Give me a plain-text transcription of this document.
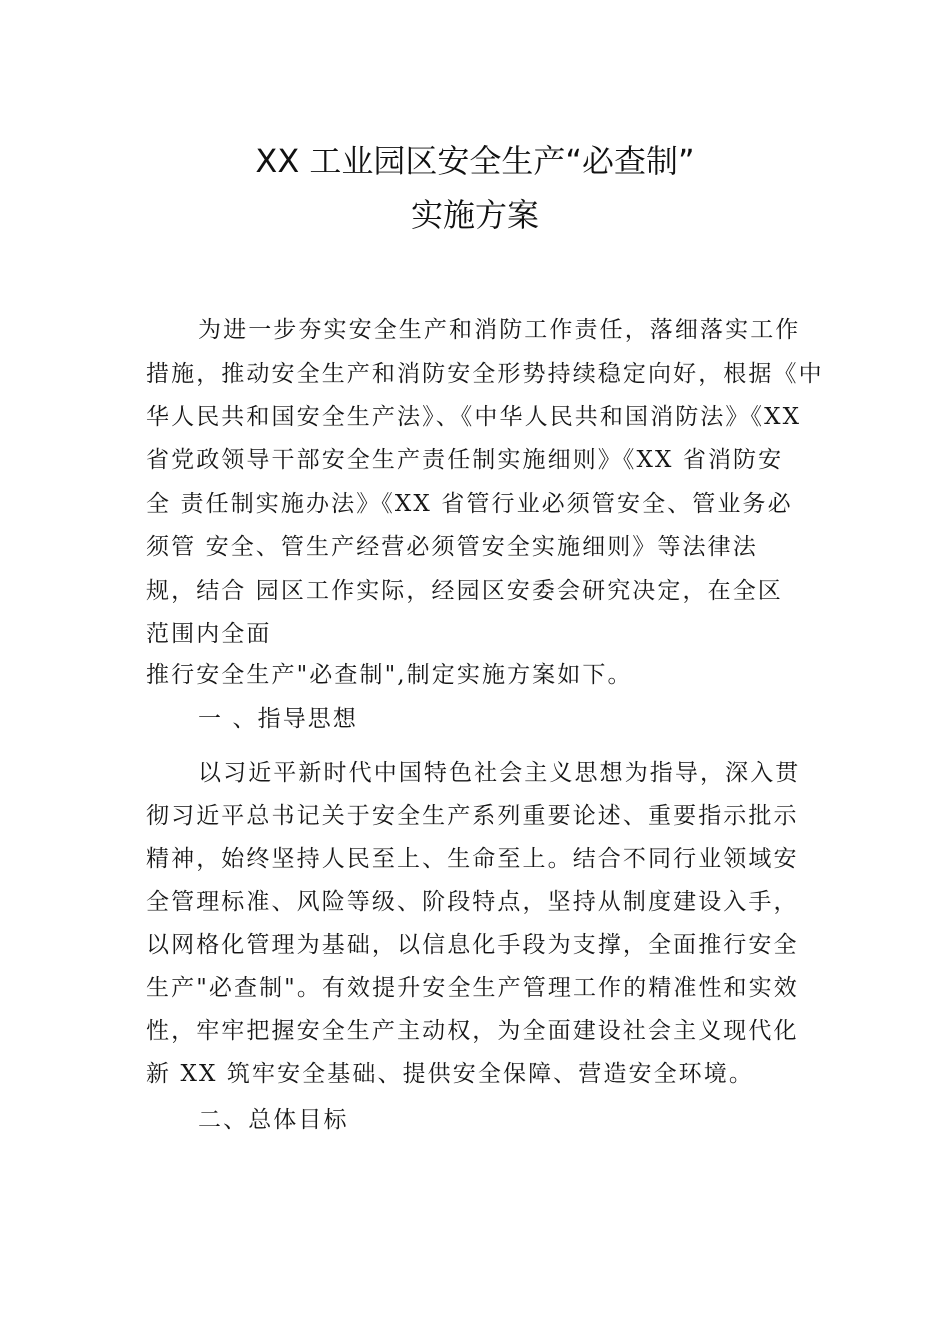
XX 工业园区安全生产“必查制”
实施方案
为进一步夯实安全生产和消防工作责任，落细落实工作
措施，推动安全生产和消防安全形势持续稳定向好，根据《中
华人民共和国安全生产法》、《中华人民共和国消防法》《XX
省党政领导干部安全生产责任制实施细则》《XX 省消防安
全 责任制实施办法》《XX 省管行业必须管安全、管业务必
须管 安全、管生产经营必须管安全实施细则》等法律法
规，结合 园区工作实际，经园区安委会研究决定，在全区
范围内全面
推行安全生产"必查制",制定实施方案如下。
一 、指导思想
以习近平新时代中国特色社会主义思想为指导，深入贯
彻习近平总书记关于安全生产系列重要论述、重要指示批示
精神，始终坚持人民至上、生命至上。结合不同行业领域安
全管理标准、风险等级、阶段特点，坚持从制度建设入手，
以网格化管理为基础，以信息化手段为支撑，全面推行安全
生产"必查制"。有效提升安全生产管理工作的精准性和实效
性，牢牢把握安全生产主动权，为全面建设社会主义现代化
新 XX 筑牢安全基础、提供安全保障、营造安全环境。
二、总体目标
